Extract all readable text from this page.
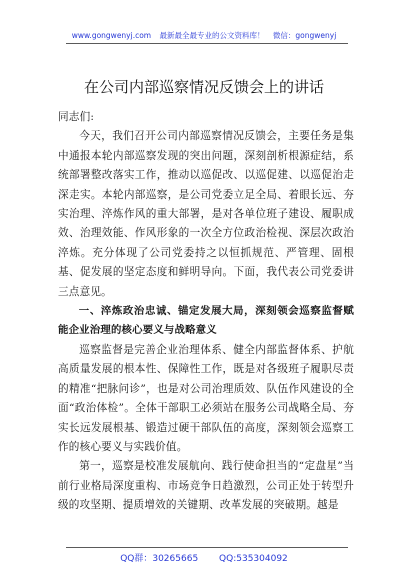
www.gongwenyj.com 最新最全最专业的公文资料库！ 微信：gongwenyj
在公司内部巡察情况反馈会上的讲话

同志们:

今天，我们召开公司内部巡察情况反馈会，主要任务是集中通报本轮内部巡察发现的突出问题，深刻剖析根源症结，系统部署整改落实工作，推动以巡促改、以巡促建、以巡促治走深走实。本轮内部巡察，是公司党委立足全局、着眼长远、夯实治理、淬炼作风的重大部署，是对各单位班子建设、履职成效、治理效能、作风形象的一次全方位政治检视、深层次政治淬炼。充分体现了公司党委持之以恒抓规范、严管理、固根基、促发展的坚定态度和鲜明导向。下面，我代表公司党委讲三点意见。

一、淬炼政治忠诚、锚定发展大局，深刻领会巡察监督赋能企业治理的核心要义与战略意义

巡察监督是完善企业治理体系、健全内部监督体系、护航高质量发展的根本性、保障性工作，既是对各级班子履职尽责的精准“把脉问诊”，也是对公司治理质效、队伍作风建设的全面“政治体检”。全体干部职工必须站在服务公司战略全局、夯实长远发展根基、锻造过硬干部队伍的高度，深刻领会巡察工作的核心要义与实践价值。

第一，巡察是校准发展航向、践行使命担当的“定盘星”当前行业格局深度重构、市场竞争日趋激烈，公司正处于转型升级的攻坚期、提质增效的关键期、改革发展的突破期。越是

QQ群：30265665 QQ:535304092
